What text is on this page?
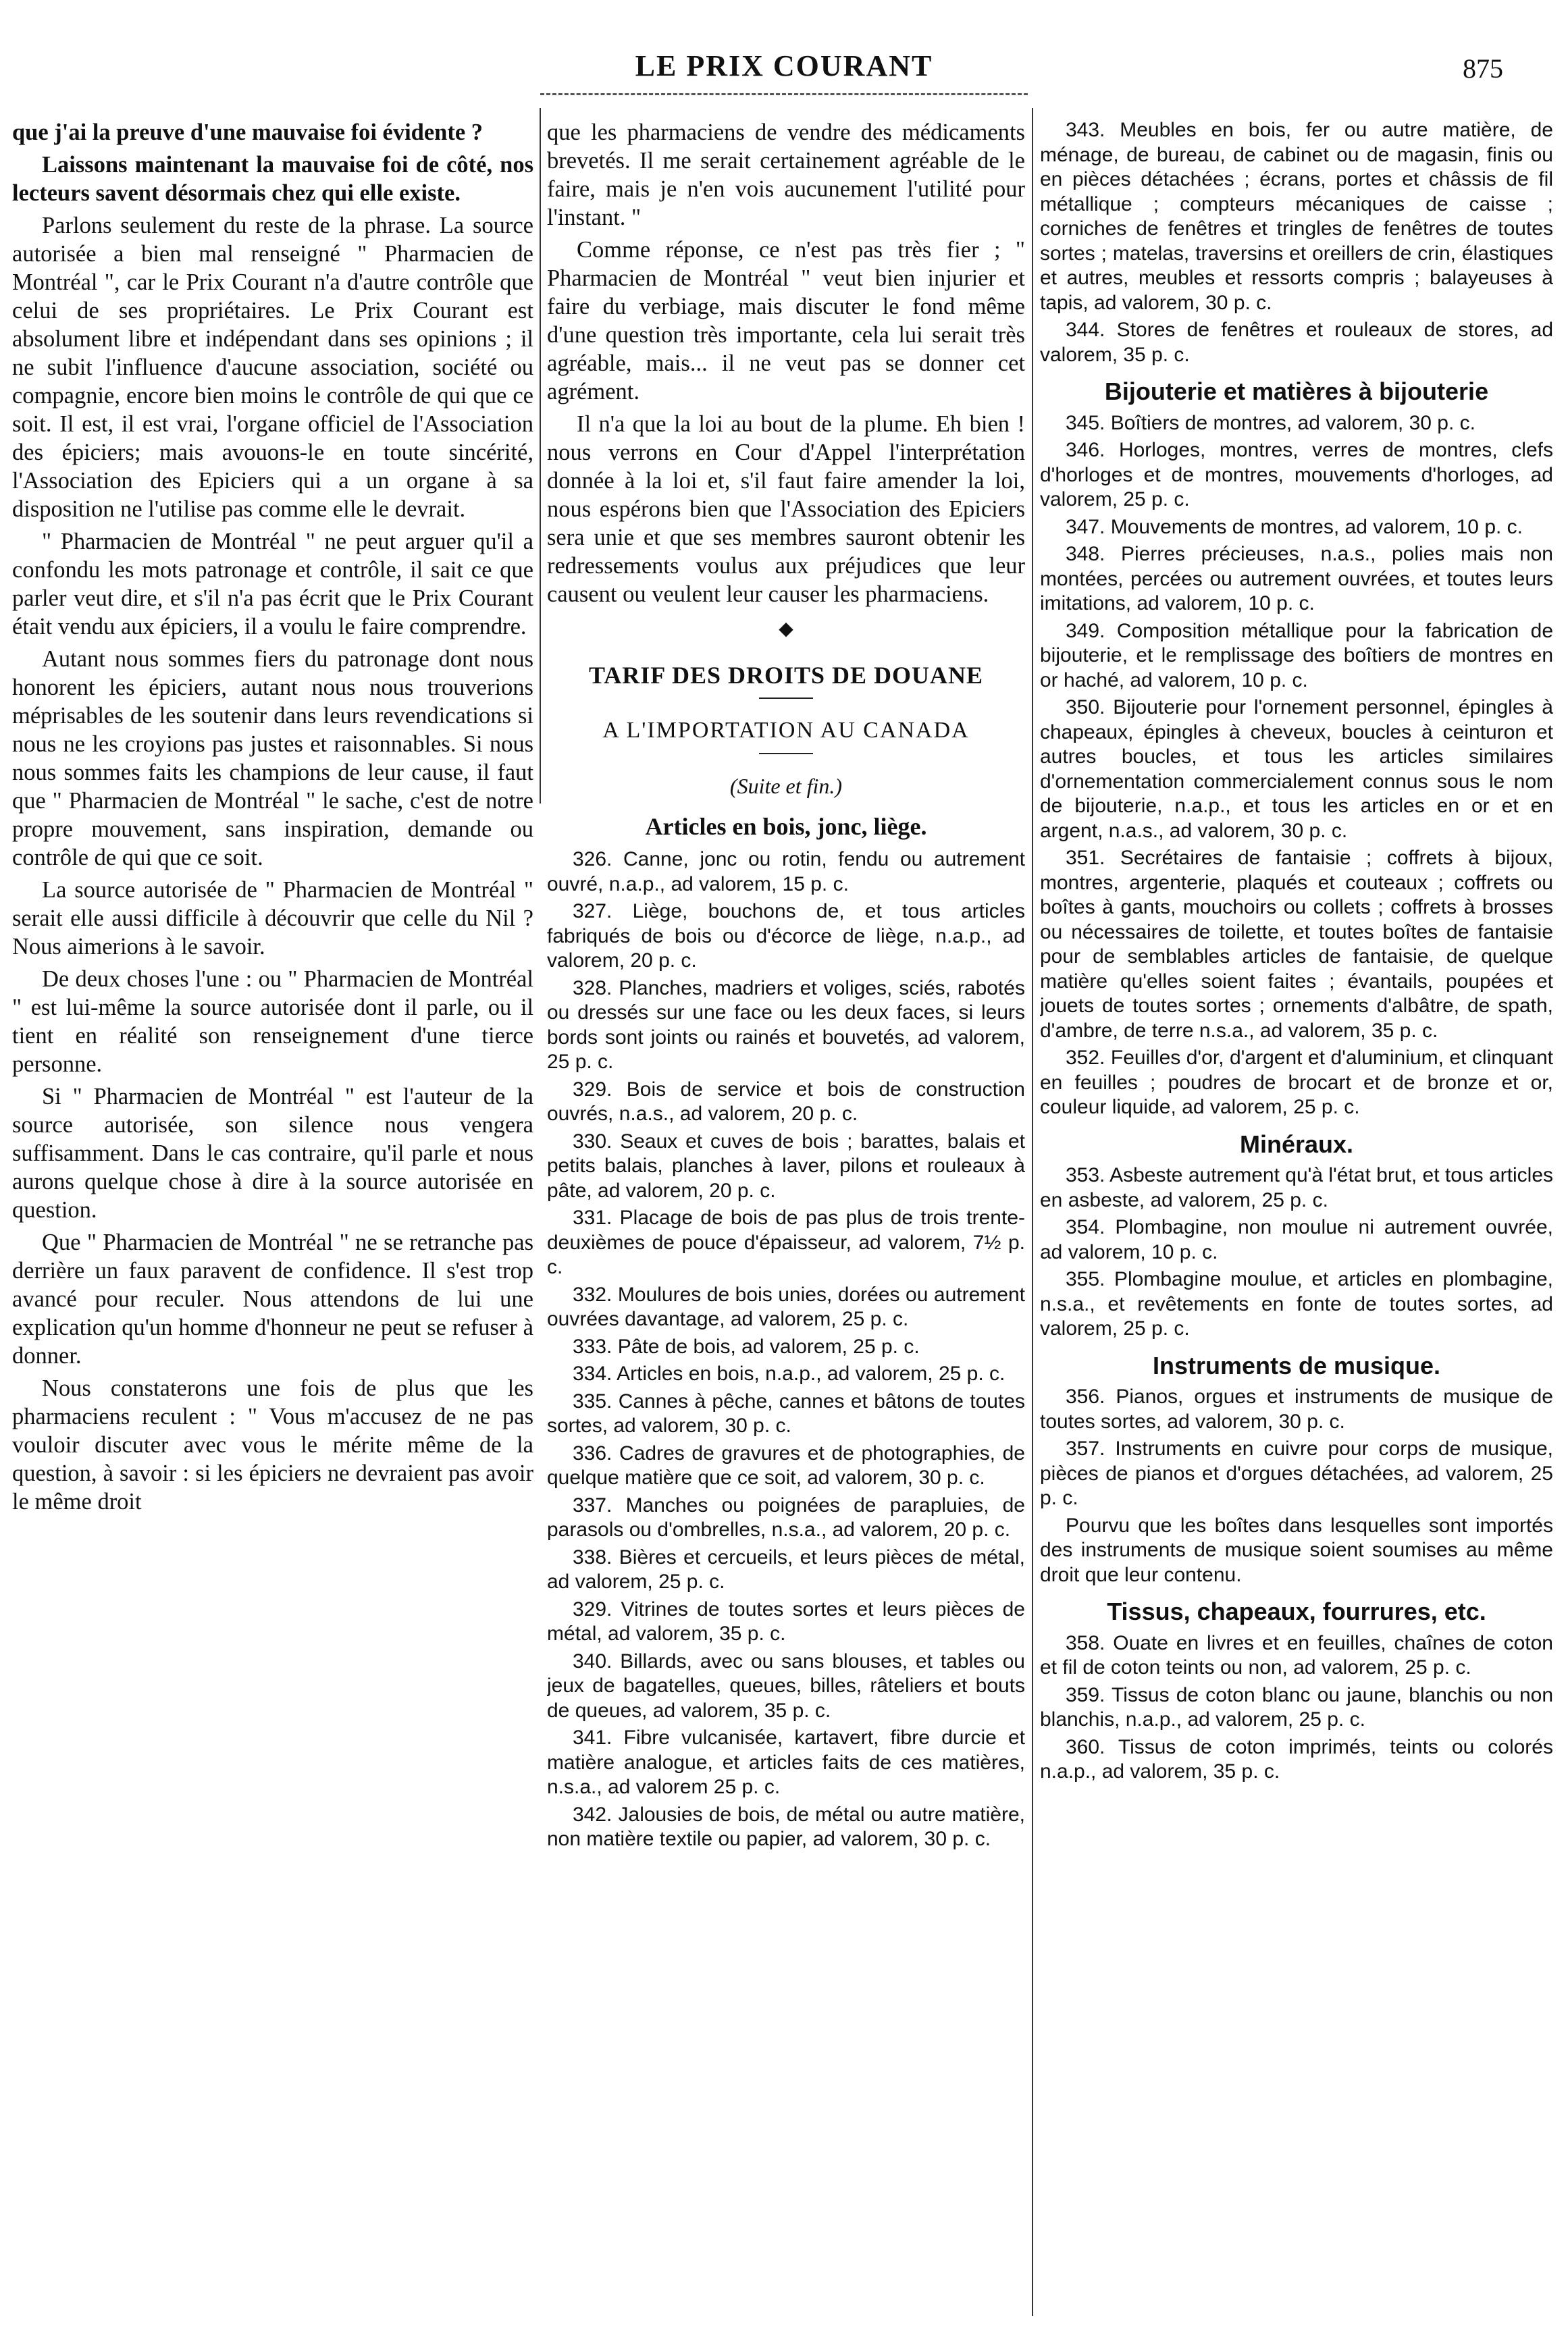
LE PRIX COURANT	875

que j'ai la preuve d'une mauvaise foi évidente ?

Laissons maintenant la mauvaise foi de côté, nos lecteurs savent désormais chez qui elle existe.

Parlons seulement du reste de la phrase. La source autorisée a bien mal renseigné " Pharmacien de Montréal ", car le Prix Courant n'a d'autre contrôle que celui de ses propriétaires. Le Prix Courant est absolument libre et indépendant dans ses opinions ; il ne subit l'influence d'aucune association, société ou compagnie, encore bien moins le contrôle de qui que ce soit. Il est, il est vrai, l'organe officiel de l'Association des épiciers; mais avouons-le en toute sincérité, l'Association des Epiciers qui a un organe à sa disposition ne l'utilise pas comme elle le devrait.

" Pharmacien de Montréal " ne peut arguer qu'il a confondu les mots patronage et contrôle, il sait ce que parler veut dire, et s'il n'a pas écrit que le Prix Courant était vendu aux épiciers, il a voulu le faire comprendre.

Autant nous sommes fiers du patronage dont nous honorent les épiciers, autant nous nous trouverions méprisables de les soutenir dans leurs revendications si nous ne les croyions pas justes et raisonnables. Si nous nous sommes faits les champions de leur cause, il faut que " Pharmacien de Montréal " le sache, c'est de notre propre mouvement, sans inspiration, demande ou contrôle de qui que ce soit.

La source autorisée de " Pharmacien de Montréal " serait elle aussi difficile à découvrir que celle du Nil ? Nous aimerions à le savoir.

De deux choses l'une : ou " Pharmacien de Montréal " est lui-même la source autorisée dont il parle, ou il tient en réalité son renseignement d'une tierce personne.

Si " Pharmacien de Montréal " est l'auteur de la source autorisée, son silence nous vengera suffisamment. Dans le cas contraire, qu'il parle et nous aurons quelque chose à dire à la source autorisée en question.

Que " Pharmacien de Montréal " ne se retranche pas derrière un faux paravent de confidence. Il s'est trop avancé pour reculer. Nous attendons de lui une explication qu'un homme d'honneur ne peut se refuser à donner.

Nous constaterons une fois de plus que les pharmaciens reculent : " Vous m'accusez de ne pas vouloir discuter avec vous le mérite même de la question, à savoir : si les épiciers ne devraient pas avoir le même droit

que les pharmaciens de vendre des médicaments brevetés. Il me serait certainement agréable de le faire, mais je n'en vois aucunement l'utilité pour l'instant. "

Comme réponse, ce n'est pas très fier ; " Pharmacien de Montréal " veut bien injurier et faire du verbiage, mais discuter le fond même d'une question très importante, cela lui serait très agréable, mais... il ne veut pas se donner cet agrément.

Il n'a que la loi au bout de la plume. Eh bien ! nous verrons en Cour d'Appel l'interprétation donnée à la loi et, s'il faut faire amender la loi, nous espérons bien que l'Association des Epiciers sera unie et que ses membres sauront obtenir les redressements voulus aux préjudices que leur causent ou veulent leur causer les pharmaciens.

◆
TARIF DES DROITS DE DOUANE
A L'IMPORTATION AU CANADA
(Suite et fin.)
Articles en bois, jonc, liège.

326. Canne, jonc ou rotin, fendu ou autrement ouvré, n.a.p., ad valorem, 15 p. c.

327. Liège, bouchons de, et tous articles fabriqués de bois ou d'écorce de liège, n.a.p., ad valorem, 20 p. c.

328. Planches, madriers et voliges, sciés, rabotés ou dressés sur une face ou les deux faces, si leurs bords sont joints ou rainés et bouvetés, ad valorem, 25 p. c.

329. Bois de service et bois de construction ouvrés, n.a.s., ad valorem, 20 p. c.

330. Seaux et cuves de bois ; barattes, balais et petits balais, planches à laver, pilons et rouleaux à pâte, ad valorem, 20 p. c.

331. Placage de bois de pas plus de trois trente-deuxièmes de pouce d'épaisseur, ad valorem, 7½ p. c.

332. Moulures de bois unies, dorées ou autrement ouvrées davantage, ad valorem, 25 p. c.

333. Pâte de bois, ad valorem, 25 p. c.

334. Articles en bois, n.a.p., ad valorem, 25 p. c.

335. Cannes à pêche, cannes et bâtons de toutes sortes, ad valorem, 30 p. c.

336. Cadres de gravures et de photographies, de quelque matière que ce soit, ad valorem, 30 p. c.

337. Manches ou poignées de parapluies, de parasols ou d'ombrelles, n.s.a., ad valorem, 20 p. c.

338. Bières et cercueils, et leurs pièces de métal, ad valorem, 25 p. c.

329. Vitrines de toutes sortes et leurs pièces de métal, ad valorem, 35 p. c.

340. Billards, avec ou sans blouses, et tables ou jeux de bagatelles, queues, billes, râteliers et bouts de queues, ad valorem, 35 p. c.

341. Fibre vulcanisée, kartavert, fibre durcie et matière analogue, et articles faits de ces matières, n.s.a., ad valorem 25 p. c.

342. Jalousies de bois, de métal ou autre matière, non matière textile ou papier, ad valorem, 30 p. c.

343. Meubles en bois, fer ou autre matière, de ménage, de bureau, de cabinet ou de magasin, finis ou en pièces détachées ; écrans, portes et châssis de fil métallique ; compteurs mécaniques de caisse ; corniches de fenêtres et tringles de fenêtres de toutes sortes ; matelas, traversins et oreillers de crin, élastiques et autres, meubles et ressorts compris ; balayeuses à tapis, ad valorem, 30 p. c.

344. Stores de fenêtres et rouleaux de stores, ad valorem, 35 p. c.

Bijouterie et matières à bijouterie

345. Boîtiers de montres, ad valorem, 30 p. c.

346. Horloges, montres, verres de montres, clefs d'horloges et de montres, mouvements d'horloges, ad valorem, 25 p. c.

347. Mouvements de montres, ad valorem, 10 p. c.

348. Pierres précieuses, n.a.s., polies mais non montées, percées ou autrement ouvrées, et toutes leurs imitations, ad valorem, 10 p. c.

349. Composition métallique pour la fabrication de bijouterie, et le remplissage des boîtiers de montres en or haché, ad valorem, 10 p. c.

350. Bijouterie pour l'ornement personnel, épingles à chapeaux, épingles à cheveux, boucles à ceinturon et autres boucles, et tous les articles similaires d'ornementation commercialement connus sous le nom de bijouterie, n.a.p., et tous les articles en or et en argent, n.a.s., ad valorem, 30 p. c.

351. Secrétaires de fantaisie ; coffrets à bijoux, montres, argenterie, plaqués et couteaux ; coffrets ou boîtes à gants, mouchoirs ou collets ; coffrets à brosses ou nécessaires de toilette, et toutes boîtes de fantaisie pour de semblables articles de fantaisie, de quelque matière qu'elles soient faites ; évantails, poupées et jouets de toutes sortes ; ornements d'albâtre, de spath, d'ambre, de terre n.s.a., ad valorem, 35 p. c.

352. Feuilles d'or, d'argent et d'aluminium, et clinquant en feuilles ; poudres de brocart et de bronze et or, couleur liquide, ad valorem, 25 p. c.

Minéraux.

353. Asbeste autrement qu'à l'état brut, et tous articles en asbeste, ad valorem, 25 p. c.

354. Plombagine, non moulue ni autrement ouvrée, ad valorem, 10 p. c.

355. Plombagine moulue, et articles en plombagine, n.s.a., et revêtements en fonte de toutes sortes, ad valorem, 25 p. c.

Instruments de musique.

356. Pianos, orgues et instruments de musique de toutes sortes, ad valorem, 30 p. c.

357. Instruments en cuivre pour corps de musique, pièces de pianos et d'orgues détachées, ad valorem, 25 p. c.

Pourvu que les boîtes dans lesquelles sont importés des instruments de musique soient soumises au même droit que leur contenu.

Tissus, chapeaux, fourrures, etc.

358. Ouate en livres et en feuilles, chaînes de coton et fil de coton teints ou non, ad valorem, 25 p. c.

359. Tissus de coton blanc ou jaune, blanchis ou non blanchis, n.a.p., ad valorem, 25 p. c.

360. Tissus de coton imprimés, teints ou colorés n.a.p., ad valorem, 35 p. c.
